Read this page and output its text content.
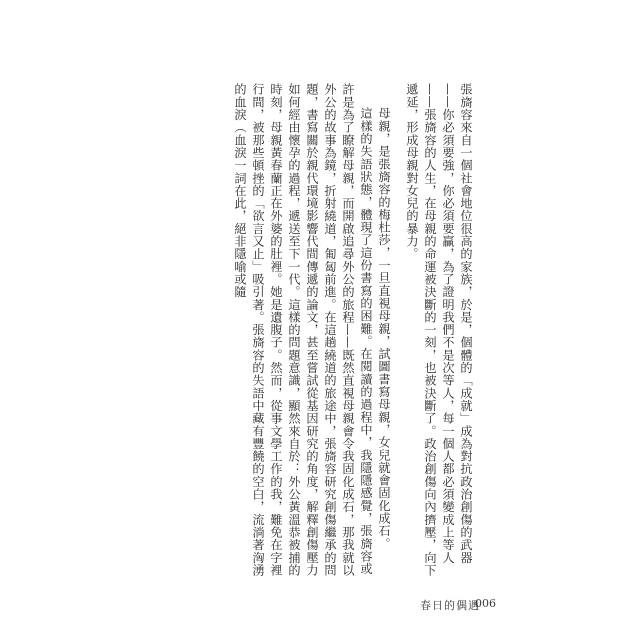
張旖容來自一個社會地位很高的家族，於是，個體的「成就」成為對抗政治創傷的武器——你必須要強，你必須要贏，為了證明我們不是次等人，每一個人都必須變成上等人——張旖容的人生，在母親的命運被決斷的一刻，也被決斷了。政治創傷向內擠壓，向下遞延，形成母親對女兒的暴力。

母親，是張旖容的梅杜莎，一旦直視母親，試圖書寫母親，女兒就會固化成石。

這樣的失語狀態，體現了這份書寫的困難。在閱讀的過程中，我隱隱感覺，張旖容或許是為了瞭解母親，而開啟追尋外公的旅程——既然直視母親會令我固化成石，那我就以外公的故事為鏡，折射繞道，匍匐前進。在這趟繞道的旅途中，張旖容研究創傷繼承的問題，書寫關於親代環境影響代間傳遞的論文，甚至嘗試從基因研究的角度，解釋創傷壓力如何經由懷孕的過程，遞送至下一代。這樣的問題意識，顯然來自於：外公黃溫恭被捕的時刻，母親黃春蘭正在外婆的肚裡。她是遺腹子。然而，從事文學工作的我，難免在字裡行間，被那些頓挫的「欲言又止」吸引著。張旖容的失語中藏有豐饒的空白，流淌著洶湧的血淚（血淚一詞在此，絕非隱喻或隨

春日的偶遇
006
